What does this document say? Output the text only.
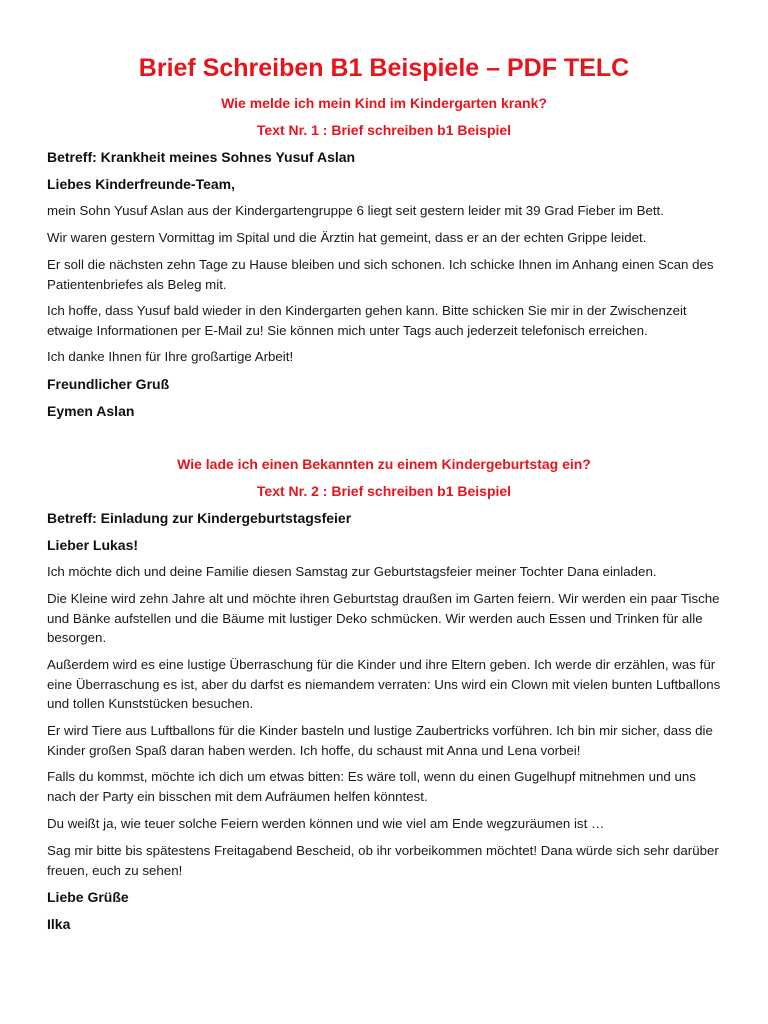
Brief Schreiben B1 Beispiele – PDF TELC
Wie melde ich mein Kind im Kindergarten krank?
Text Nr. 1 : Brief schreiben b1 Beispiel
Betreff: Krankheit meines Sohnes Yusuf Aslan
Liebes Kinderfreunde-Team,
mein Sohn Yusuf Aslan aus der Kindergartengruppe 6 liegt seit gestern leider mit 39 Grad Fieber im Bett.
Wir waren gestern Vormittag im Spital und die Ärztin hat gemeint, dass er an der echten Grippe leidet.
Er soll die nächsten zehn Tage zu Hause bleiben und sich schonen. Ich schicke Ihnen im Anhang einen Scan des Patientenbriefes als Beleg mit.
Ich hoffe, dass Yusuf bald wieder in den Kindergarten gehen kann. Bitte schicken Sie mir in der Zwischenzeit etwaige Informationen per E-Mail zu! Sie können mich unter Tags auch jederzeit telefonisch erreichen.
Ich danke Ihnen für Ihre großartige Arbeit!
Freundlicher Gruß
Eymen Aslan
Wie lade ich einen Bekannten zu einem Kindergeburtstag ein?
Text Nr. 2 : Brief schreiben b1 Beispiel
Betreff: Einladung zur Kindergeburtstagsfeier
Lieber Lukas!
Ich möchte dich und deine Familie diesen Samstag zur Geburtstagsfeier meiner Tochter Dana einladen.
Die Kleine wird zehn Jahre alt und möchte ihren Geburtstag draußen im Garten feiern. Wir werden ein paar Tische und Bänke aufstellen und die Bäume mit lustiger Deko schmücken. Wir werden auch Essen und Trinken für alle besorgen.
Außerdem wird es eine lustige Überraschung für die Kinder und ihre Eltern geben. Ich werde dir erzählen, was für eine Überraschung es ist, aber du darfst es niemandem verraten: Uns wird ein Clown mit vielen bunten Luftballons und tollen Kunststücken besuchen.
Er wird Tiere aus Luftballons für die Kinder basteln und lustige Zaubertricks vorführen. Ich bin mir sicher, dass die Kinder großen Spaß daran haben werden. Ich hoffe, du schaust mit Anna und Lena vorbei!
Falls du kommst, möchte ich dich um etwas bitten: Es wäre toll, wenn du einen Gugelhupf mitnehmen und uns nach der Party ein bisschen mit dem Aufräumen helfen könntest.
Du weißt ja, wie teuer solche Feiern werden können und wie viel am Ende wegzuräumen ist …
Sag mir bitte bis spätestens Freitagabend Bescheid, ob ihr vorbeikommen möchtet! Dana würde sich sehr darüber freuen, euch zu sehen!
Liebe Grüße
Ilka
